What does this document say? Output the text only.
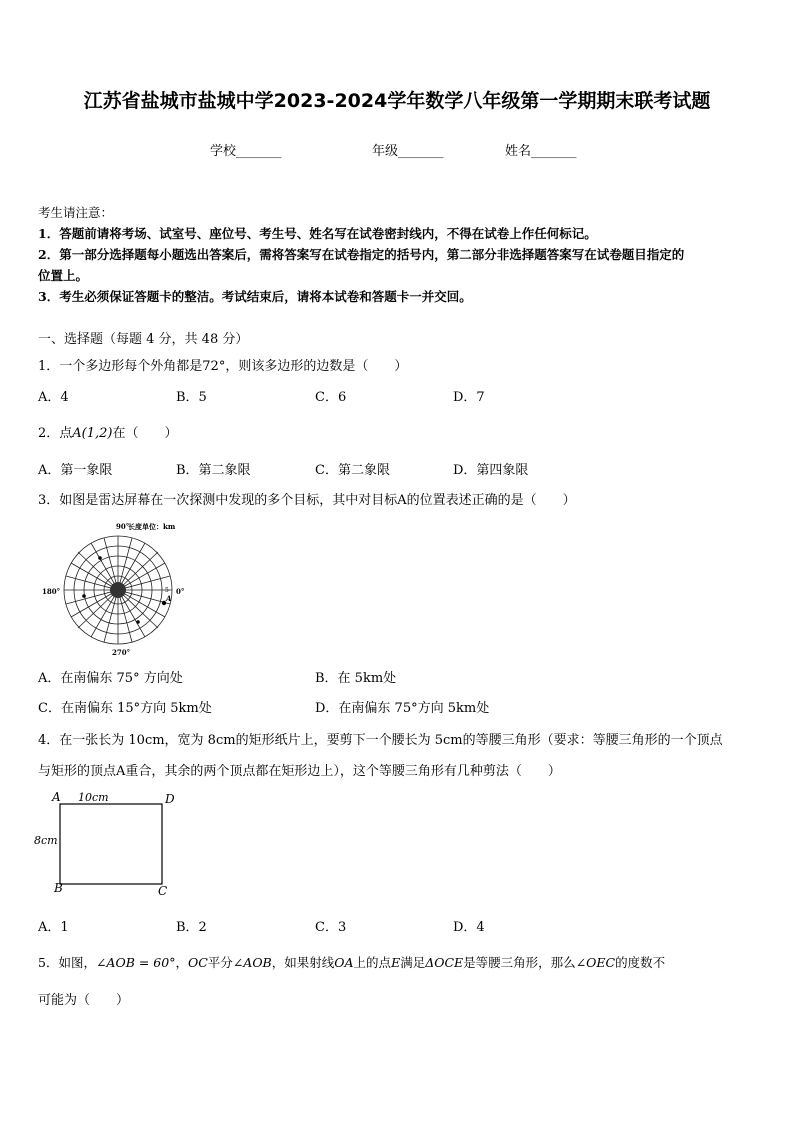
江苏省盐城市盐城中学2023-2024学年数学八年级第一学期期末联考试题
学校_______	年级_______	姓名_______
考生请注意：
1．答题前请将考场、试室号、座位号、考生号、姓名写在试卷密封线内，不得在试卷上作任何标记。
2．第一部分选择题每小题选出答案后，需将答案写在试卷指定的括号内，第二部分非选择题答案写在试卷题目指定的
位置上。
3．考生必须保证答题卡的整洁。考试结束后，请将本试卷和答题卡一并交回。
一、选择题（每题 4 分，共 48 分）
1．一个多边形每个外角都是72°，则该多边形的边数是（　　）
A．4	B．5	C．6	D．7
2．点A(1,2)在（　　）
A．第一象限	B．第二象限	C．第二象限	D．第四象限
3．如图是雷达屏幕在一次探测中发现的多个目标，其中对目标A的位置表述正确的是（　　）
90°
长度单位：km
180°	0°
270°
A
5
A．在南偏东 75° 方向处	B．在 5km处
C．在南偏东 15°方向 5km处	D．在南偏东 75°方向 5km处
4．在一张长为 10cm，宽为 8cm的矩形纸片上，要剪下一个腰长为 5cm的等腰三角形（要求：等腰三角形的一个顶点
与矩形的顶点A重合，其余的两个顶点都在矩形边上），这个等腰三角形有几种剪法（　　）
A	D
B	C
10cm
8cm
A．1	B．2	C．3	D．4
5．如图，∠AOB = 60°，OC平分∠AOB，如果射线OA上的点E满足ΔOCE是等腰三角形，那么∠OEC的度数不
可能为（　　）
